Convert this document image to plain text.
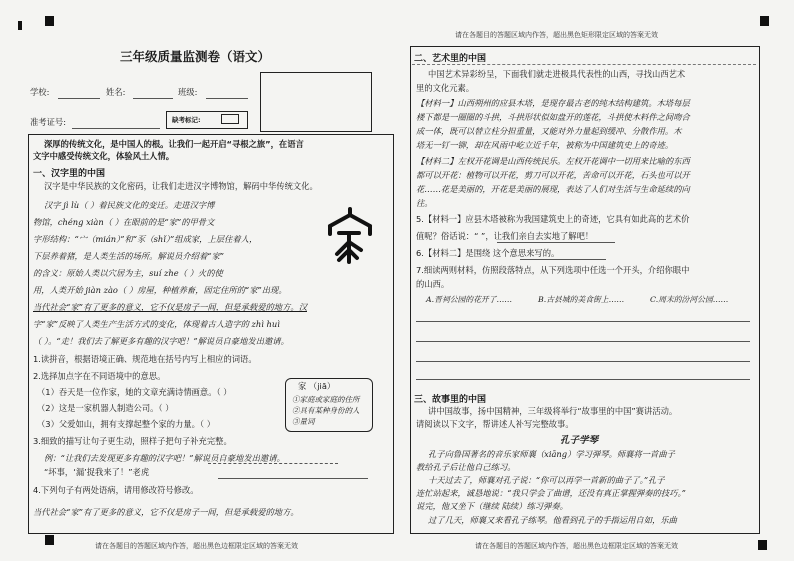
请在各题目的答题区域内作答，超出黑色矩形限定区域的答案无效
请在各题目的答题区域内作答，超出黑色边框限定区域的答案无效	请在各题目的答题区域内作答，超出黑色边框限定区域的答案无效
三年级质量监测卷（语文）
学校:	姓名:	班级:
准考证号:	缺考标记:
深厚的传统文化，是中国人的根。让我们一起开启“寻根之旅”，在语言
文字中感受传统文化，体验风土人情。
一、汉字里的中国
汉字是中华民族的文化密码，让我们走进汉字博物馆，解码中华传统文化。
汉字 jì lù（ ）着民族文化的变迁。走进汉字博
物馆，chéng xiàn（ ）在眼前的是“家”的甲骨文
字形结构：“宀（mián）”和“豕（shǐ）”组成家，上层住着人，
下层养着猪，是人类生活的场所。解说员介绍着“家”
的含义：原始人类以穴居为主，suí zhe（ ）火的使
用，人类开始 jiàn zào（ ）房屋，种植养畜，固定住所的“家”出现。
当代社会“家”有了更多的意义，它不仅是房子一间，但是承载爱的地方。汉
字“家”反映了人类生产生活方式的变化，体现着古人造字的 zhì huì
（ ）。“走！我们去了解更多有趣的汉字吧！”解说员自豪地发出邀请。
1.读拼音，根据语境正确、规范地在括号内写上相应的词语。
2.选择加点字在不同语境中的意思。
（1）吞天是一位作家，她的文章充满诗情画意。（ ）
（2）这是一家机器人制造公司。（ ）
（3）父爱如山，拥有支撑起整个家的力量。（ ）
家 （jiā）
①家庭或家庭的住所
②具有某种身份的人
③量词
3.细致的描写让句子更生动，照样子把句子补充完整。
例：“让我们去发现更多有趣的汉字吧！”解说员自豪地发出邀请。
“坏事，‘漏’捉我来了！”老虎
4.下列句子有两处语病，请用修改符号修改。
当代社会“家”有了更多的意义，它不仅是房子一间，但是承载爱的地方。
二、艺术里的中国
中国艺术异彩纷呈，下面我们就走进极具代表性的山西，寻找山西艺术
里的文化元素。
【材料一】山西朔州的应县木塔，是现存最古老的纯木结构建筑。木塔每层
楼下都是一圈圈的斗拱，斗拱形状似如盘开的莲花，斗拱使木料件之间吻合
成一体，既可以替立柱分担重量，又能对外力量起到缓冲、分散作用。木
塔无一钉一铆，却在风雨中屹立近千年，被称为中国建筑史上的奇迹。
【材料二】左权开花调是山西传统民乐。左权开花调中一切用来比喻的东西
都可以开花：植物可以开花，剪刀可以开花，苦命可以开花，石头也可以开
花……花是美丽的，开花是美丽的展现，表达了人们对生活与生命延续的向
往。
5.【材料一】应县木塔被称为我国建筑史上的奇迹，它具有如此高的艺术价
值呢？俗话说：“ ”，让我们亲自去实地了解吧！
6.【材料二】是围绕 这个意思来写的。
7.细读两则材料，仿照段落特点，从下列选项中任选一个开头，介绍你眼中
的山西。
A.晋祠公园的花开了……	B.古县城的美食街上……	C.周末的汾河公园……
三、故事里的中国
讲中国故事，扬中国精神，三年级将举行“故事里的中国”赛讲活动。
请阅读以下文字，帮讲述人补写完整故事。
孔子学琴
孔子向鲁国著名的音乐家师襄（xiāng）学习弹琴。师襄将一首曲子
教给孔子后让他自己练习。
十天过去了，师襄对孔子说：“你可以再学一首新的曲子了。”孔子
连忙站起来，诚恳地说：“我只学会了曲谱，还没有真正掌握弹奏的技巧。”
说完，他又坐下（继续 陆续）练习弹奏。
过了几天，师襄又来看孔子练琴。他看到孔子的手指运用自如，乐曲
